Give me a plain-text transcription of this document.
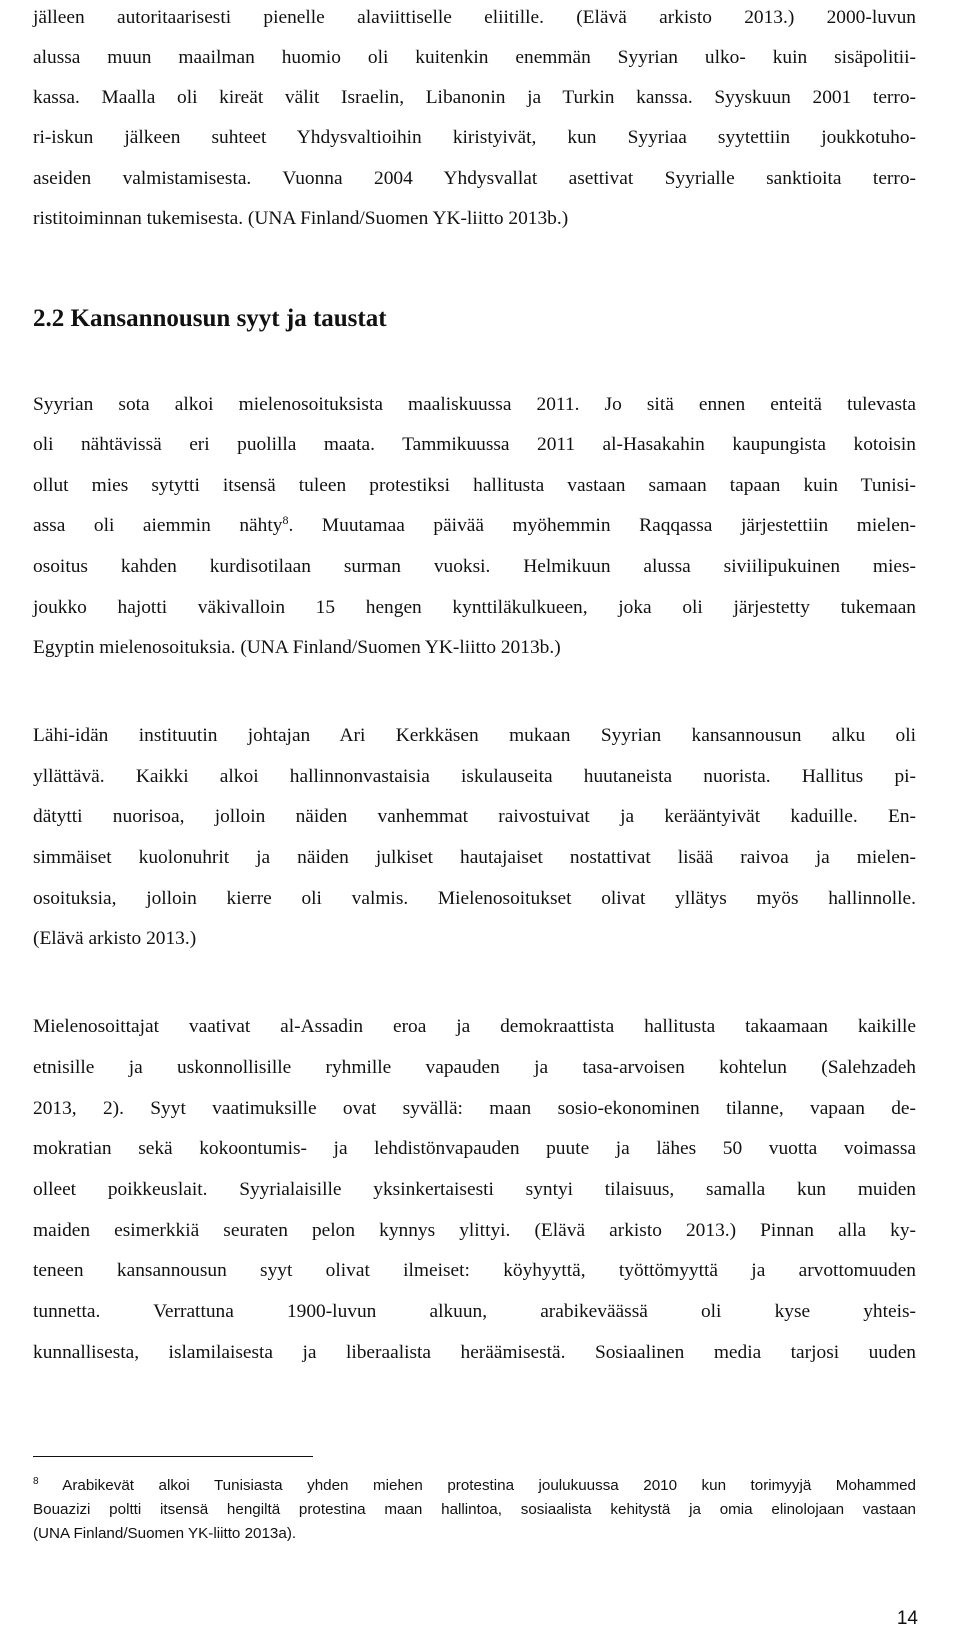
jälleen autoritaarisesti pienelle alaviittiselle eliitille. (Elävä arkisto 2013.) 2000-luvun
alussa muun maailman huomio oli kuitenkin enemmän Syyrian ulko- kuin sisäpolitii-
kassa. Maalla oli kireät välit Israelin, Libanonin ja Turkin kanssa. Syyskuun 2001 terro-
ri-iskun jälkeen suhteet Yhdysvaltioihin kiristyivät, kun Syyriaa syytettiin joukkotuho-
aseiden valmistamisesta. Vuonna 2004 Yhdysvallat asettivat Syyrialle sanktioita terro-
ristitoiminnan tukemisesta. (UNA Finland/Suomen YK-liitto 2013b.)
2.2 Kansannousun syyt ja taustat
Syyrian sota alkoi mielenosoituksista maaliskuussa 2011. Jo sitä ennen enteitä tulevasta
oli nähtävissä eri puolilla maata. Tammikuussa 2011 al-Hasakahin kaupungista kotoisin
ollut mies sytytti itsensä tuleen protestiksi hallitusta vastaan samaan tapaan kuin Tunisi-
assa oli aiemmin nähty$^8$. Muutamaa päivää myöhemmin Raqqassa järjestettiin mielen-
osoitus kahden kurdisotilaan surman vuoksi. Helmikuun alussa siviilipukuinen mies-
joukko hajotti väkivalloin 15 hengen kynttiläkulkueen, joka oli järjestetty tukemaan
Egyptin mielenosoituksia. (UNA Finland/Suomen YK-liitto 2013b.)
Lähi-idän instituutin johtajan Ari Kerkkäsen mukaan Syyrian kansannousun alku oli
yllättävä. Kaikki alkoi hallinnonvastaisia iskulauseita huutaneista nuorista. Hallitus pi-
dätytti nuorisoa, jolloin näiden vanhemmat raivostuivat ja kerääntyivät kaduille. En-
simmäiset kuolonuhrit ja näiden julkiset hautajaiset nostattivat lisää raivoa ja mielen-
osoituksia, jolloin kierre oli valmis. Mielenosoitukset olivat yllätys myös hallinnolle.
(Elävä arkisto 2013.)
Mielenosoittajat vaativat al-Assadin eroa ja demokraattista hallitusta takaamaan kaikille
etnisille ja uskonnollisille ryhmille vapauden ja tasa-arvoisen kohtelun (Salehzadeh
2013, 2). Syyt vaatimuksille ovat syvällä: maan sosio-ekonominen tilanne, vapaan de-
mokratian sekä kokoontumis- ja lehdistönvapauden puute ja lähes 50 vuotta voimassa
olleet poikkeuslait. Syyrialaisille yksinkertaisesti syntyi tilaisuus, samalla kun muiden
maiden esimerkkiä seuraten pelon kynnys ylittyi. (Elävä arkisto 2013.) Pinnan alla ky-
teneen kansannousun syyt olivat ilmeiset: köyhyyttä, työttömyyttä ja arvottomuuden
tunnetta. Verrattuna 1900-luvun alkuun, arabikeväässä oli kyse yhteis-
kunnallisesta, islamilaisesta ja liberaalista heräämisestä. Sosiaalinen media tarjosi uuden
$^8$ Arabikevät alkoi Tunisiasta yhden miehen protestina joulukuussa 2010 kun torimyyjä Mohammed
Bouazizi poltti itsensä hengiltä protestina maan hallintoa, sosiaalista kehitystä ja omia elinolojaan vastaan
(UNA Finland/Suomen YK-liitto 2013a).
14
